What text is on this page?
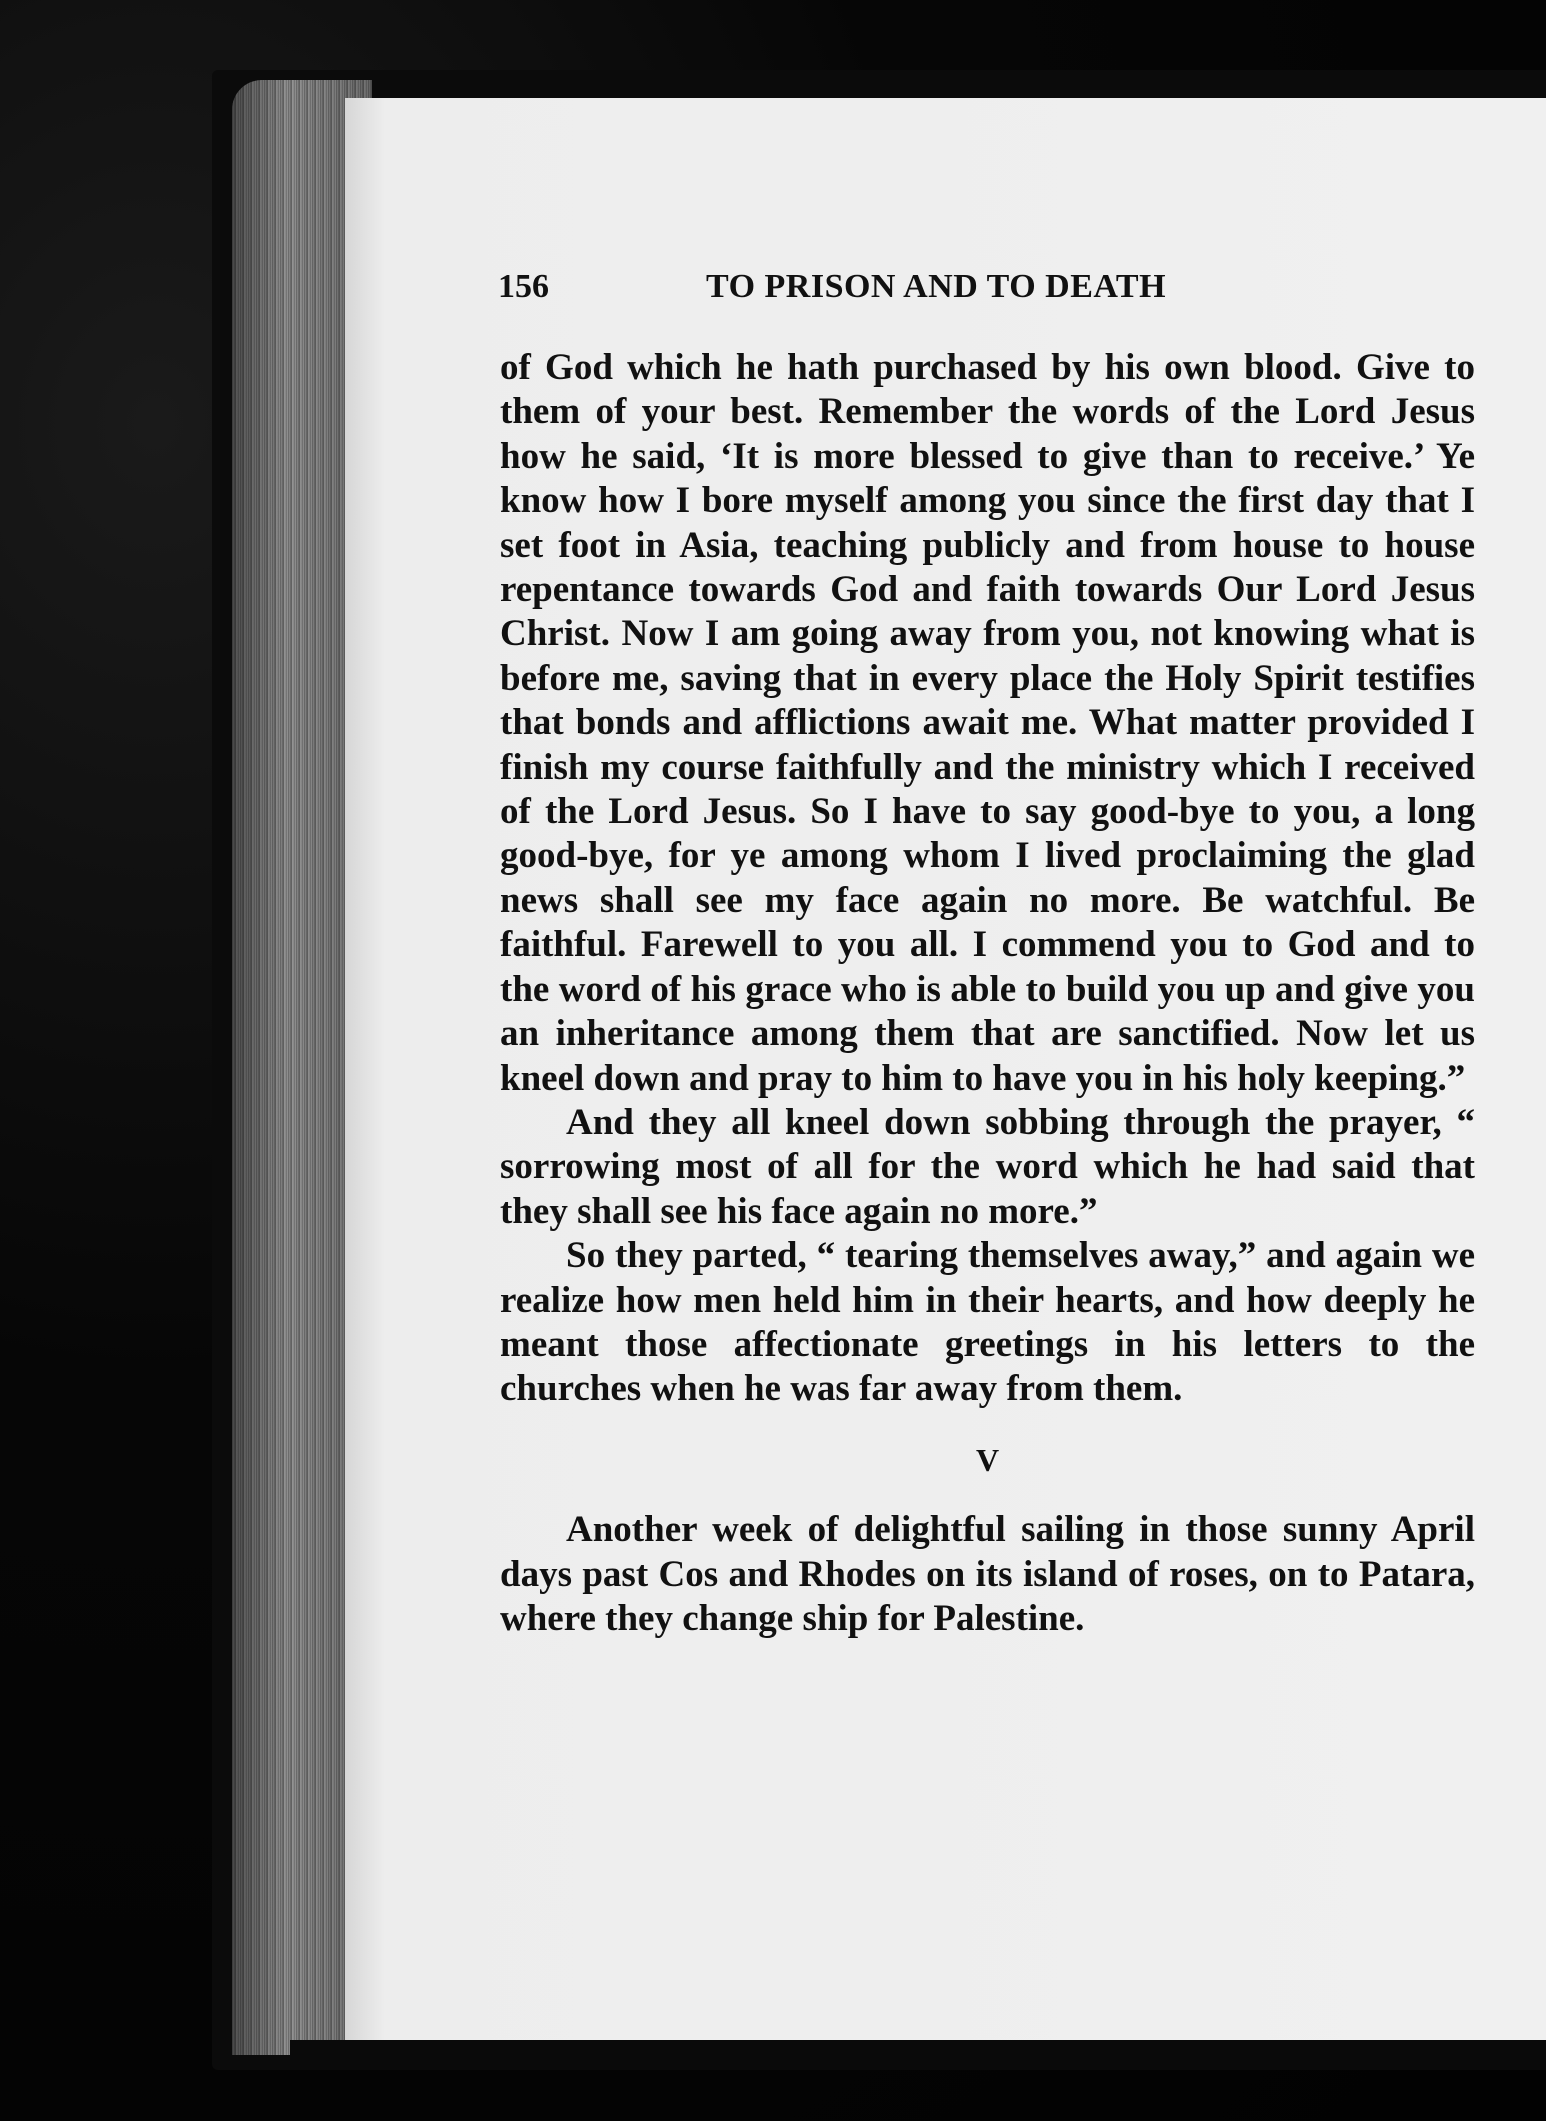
156	TO PRISON AND TO DEATH

of God which he hath purchased by his own blood. Give to them of your best. Remember the words of the Lord Jesus how he said, ‘It is more blessed to give than to receive.’ Ye know how I bore myself among you since the first day that I set foot in Asia, teaching publicly and from house to house repentance towards God and faith towards Our Lord Jesus Christ. Now I am going away from you, not knowing what is before me, saving that in every place the Holy Spirit testifies that bonds and afflictions await me. What matter provided I finish my course faithfully and the ministry which I received of the Lord Jesus. So I have to say good-bye to you, a long good-bye, for ye among whom I lived proclaiming the glad news shall see my face again no more. Be watchful. Be faithful. Farewell to you all. I commend you to God and to the word of his grace who is able to build you up and give you an inheritance among them that are sanctified. Now let us kneel down and pray to him to have you in his holy keeping.”

And they all kneel down sobbing through the prayer, “ sorrowing most of all for the word which he had said that they shall see his face again no more.”

So they parted, “ tearing themselves away,” and again we realize how men held him in their hearts, and how deeply he meant those affectionate greetings in his letters to the churches when he was far away from them.

V

Another week of delightful sailing in those sunny April days past Cos and Rhodes on its island of roses, on to Patara, where they change ship for Palestine.
